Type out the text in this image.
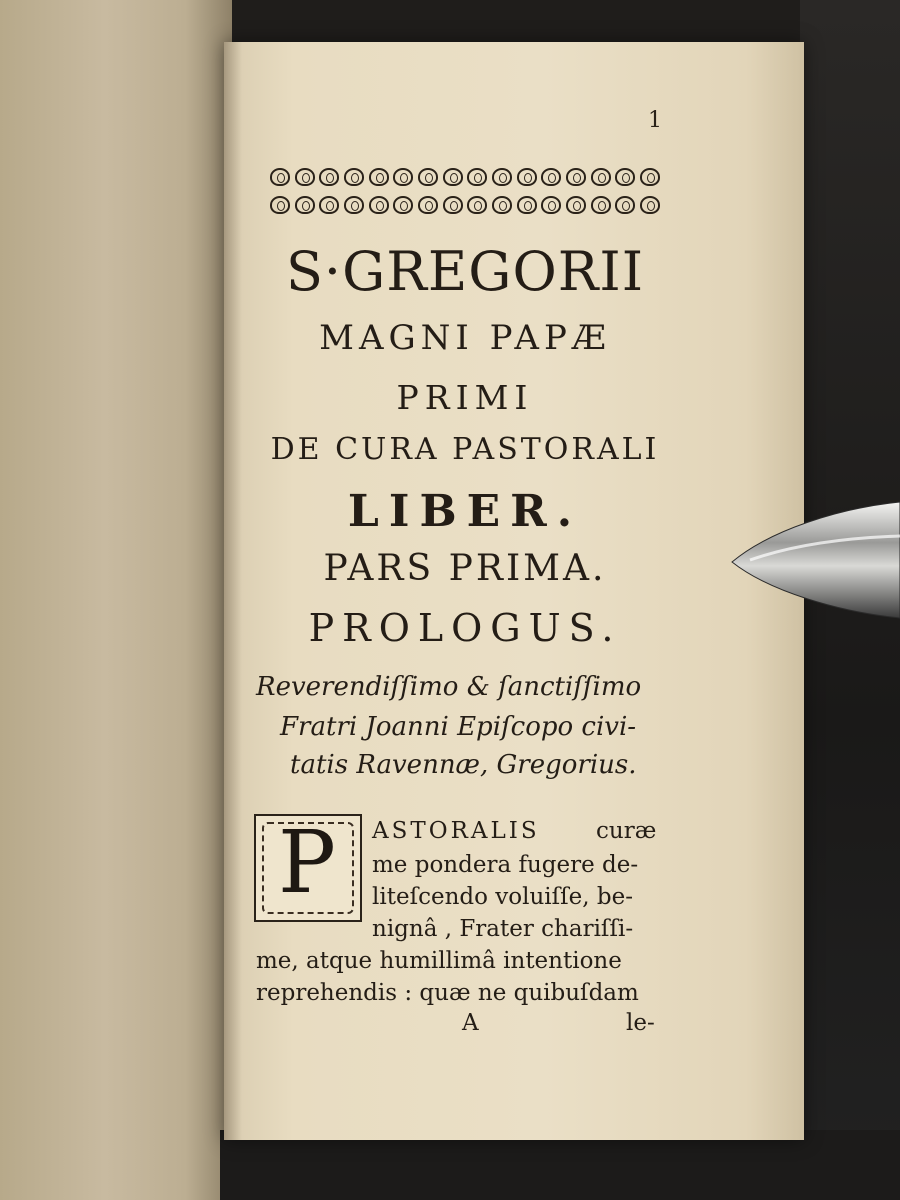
1
S·GREGORII
MAGNI PAPÆ
PRIMI
DE CURA PASTORALI
LIBER.
PARS PRIMA.
PROLOGUS.
Reverendiſſimo & ſanctiſſimo
Fratri Joanni Epiſcopo civi-
tatis Ravennæ, Gregorius.
P ASTORALIS curæ
me pondera fugere de-
liteſcendo voluiſſe, be-
nignâ , Frater chariſſi-
me, atque humillimâ intentione
reprehendis : quæ ne quibuſdam
A	le-
